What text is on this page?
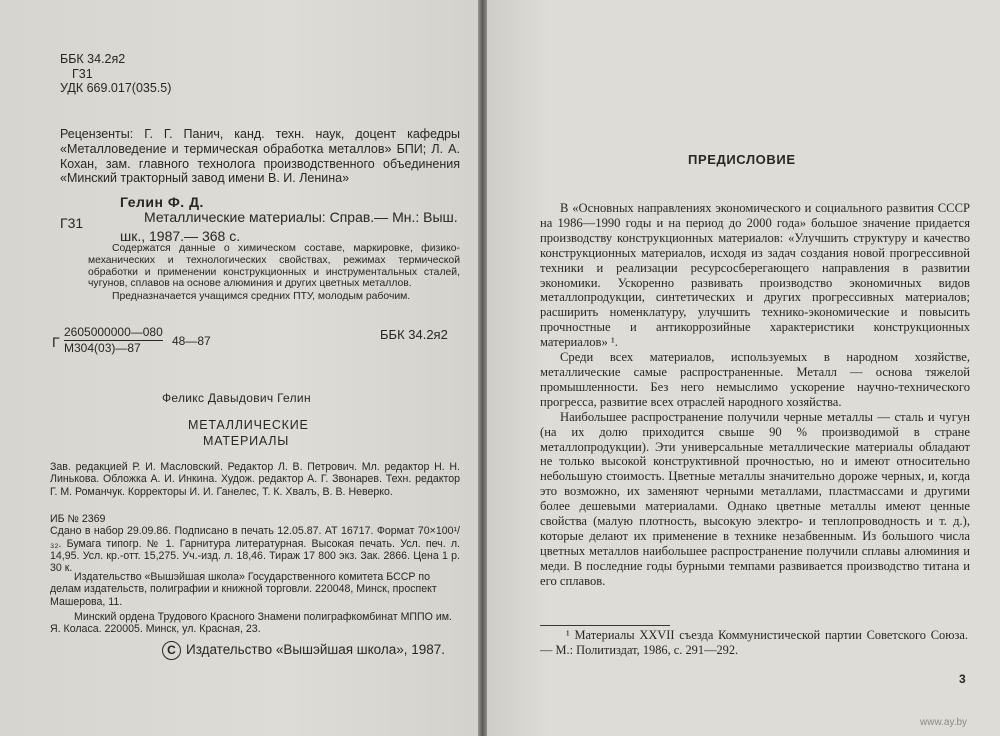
ББК 34.2я2
Г31
УДК 669.017(035.5)
Рецензенты: Г. Г. Панич, канд. техн. наук, доцент кафедры «Металловедение и термическая обработка металлов» БПИ; Л. А. Кохан, зам. главного технолога производственного объединения «Минский тракторный завод имени В. И. Ленина»
Г31
Гелин Ф. Д.
Металлические материалы: Справ.— Мн.: Выш. шк., 1987.— 368 с.
Содержатся данные о химическом составе, маркировке, физико-механических и технологических свойствах, режимах термической обработки и применении конструкционных и инструментальных сталей, чугунов, сплавов на основе алюминия и других цветных металлов.
Предназначается учащимся средних ПТУ, молодым рабочим.
Г
2605000000—080
М304(03)—87	48—87	ББК 34.2я2
Феликс Давыдович Гелин
МЕТАЛЛИЧЕСКИЕ
МАТЕРИАЛЫ
Зав. редакцией Р. И. Масловский. Редактор Л. В. Петрович. Мл. редактор Н. Н. Линькова. Обложка А. И. Инкина. Худож. редактор А. Г. Звонарев. Техн. редактор Г. М. Романчук. Корректоры И. И. Ганелес, Т. К. Хвалъ, В. В. Неверко.
ИБ № 2369
Сдано в набор 29.09.86. Подписано в печать 12.05.87. АТ 16717. Формат 70×100¹/₃₂. Бумага типогр. № 1. Гарнитура литературная. Высокая печать. Усл. печ. л. 14,95. Усл. кр.-отт. 15,275. Уч.-изд. л. 18,46. Тираж 17 800 экз. Зак. 2866. Цена 1 р. 30 к.
Издательство «Вышэйшая школа» Государственного комитета БССР по делам издательств, полиграфии и книжной торговли. 220048, Минск, проспект Машерова, 11.
Минский ордена Трудового Красного Знамени полиграфкомбинат МППО им. Я. Коласа. 220005. Минск, ул. Красная, 23.
C Издательство «Вышэйшая школа», 1987.
ПРЕДИСЛОВИЕ

В «Основных направлениях экономического и социального развития СССР на 1986—1990 годы и на период до 2000 года» большое значение придается производству конструкционных материалов: «Улучшить структуру и качество конструкционных материалов, исходя из задач создания новой прогрессивной техники и реализации ресурсосберегающего направления в развитии экономики. Ускоренно развивать производство экономичных видов металлопродукции, синтетических и других прогрессивных материалов; расширить номенклатуру, улучшить технико-экономические и повысить прочностные и антикоррозийные характеристики конструкционных материалов» ¹.

Среди всех материалов, используемых в народном хозяйстве, металлические самые распространенные. Металл — основа тяжелой промышленности. Без него немыслимо ускорение научно-технического прогресса, развитие всех отраслей народного хозяйства.

Наибольшее распространение получили черные металлы — сталь и чугун (на их долю приходится свыше 90 % производимой в стране металлопродукции). Эти универсальные металлические материалы обладают не только высокой конструктивной прочностью, но и имеют относительно небольшую стоимость. Цветные металлы значительно дороже черных, и, когда это возможно, их заменяют черными металлами, пластмассами и другими более дешевыми материалами. Однако цветные металлы имеют ценные свойства (малую плотность, высокую электро- и теплопроводность и т. д.), которые делают их применение в технике незабвенным. Из большого числа цветных металлов наибольшее распространение получили сплавы алюминия и меди. В последние годы бурными темпами развивается производство титана и его сплавов.

¹ Материалы XXVII съезда Коммунистической партии Советского Союза.— М.: Политиздат, 1986, с. 291—292.
3
www.ay.by
